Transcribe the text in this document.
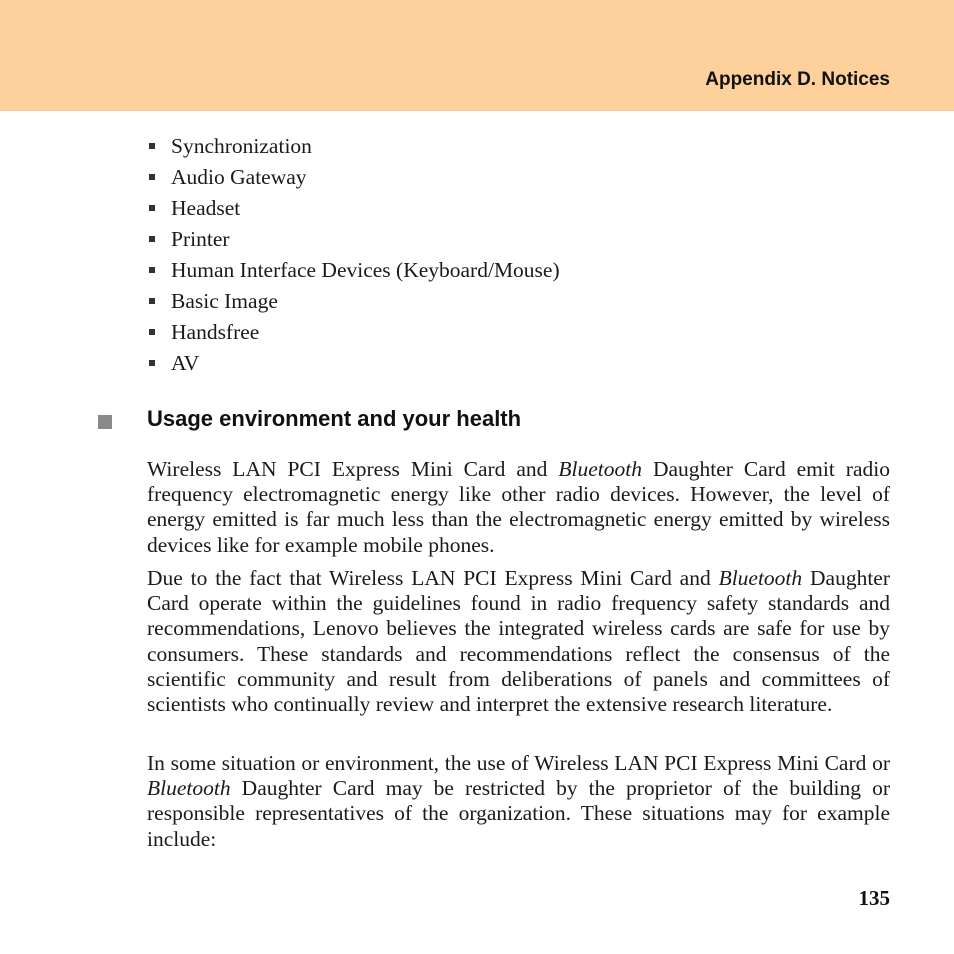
Appendix D. Notices
Synchronization
Audio Gateway
Headset
Printer
Human Interface Devices (Keyboard/Mouse)
Basic Image
Handsfree
AV
Usage environment and your health

Wireless LAN PCI Express Mini Card and Bluetooth Daughter Card emit radio frequency electromagnetic energy like other radio devices. However, the level of energy emitted is far much less than the electromagnetic energy emitted by wireless devices like for example mobile phones.

Due to the fact that Wireless LAN PCI Express Mini Card and Bluetooth Daughter Card operate within the guidelines found in radio frequency safety standards and recommendations, Lenovo believes the integrated wireless cards are safe for use by consumers. These standards and recommendations reflect the consensus of the scientific community and result from deliberations of panels and committees of scientists who continually review and interpret the extensive research literature.

In some situation or environment, the use of Wireless LAN PCI Express Mini Card or Bluetooth Daughter Card may be restricted by the proprietor of the building or responsible representatives of the organization. These situations may for example include:

135
